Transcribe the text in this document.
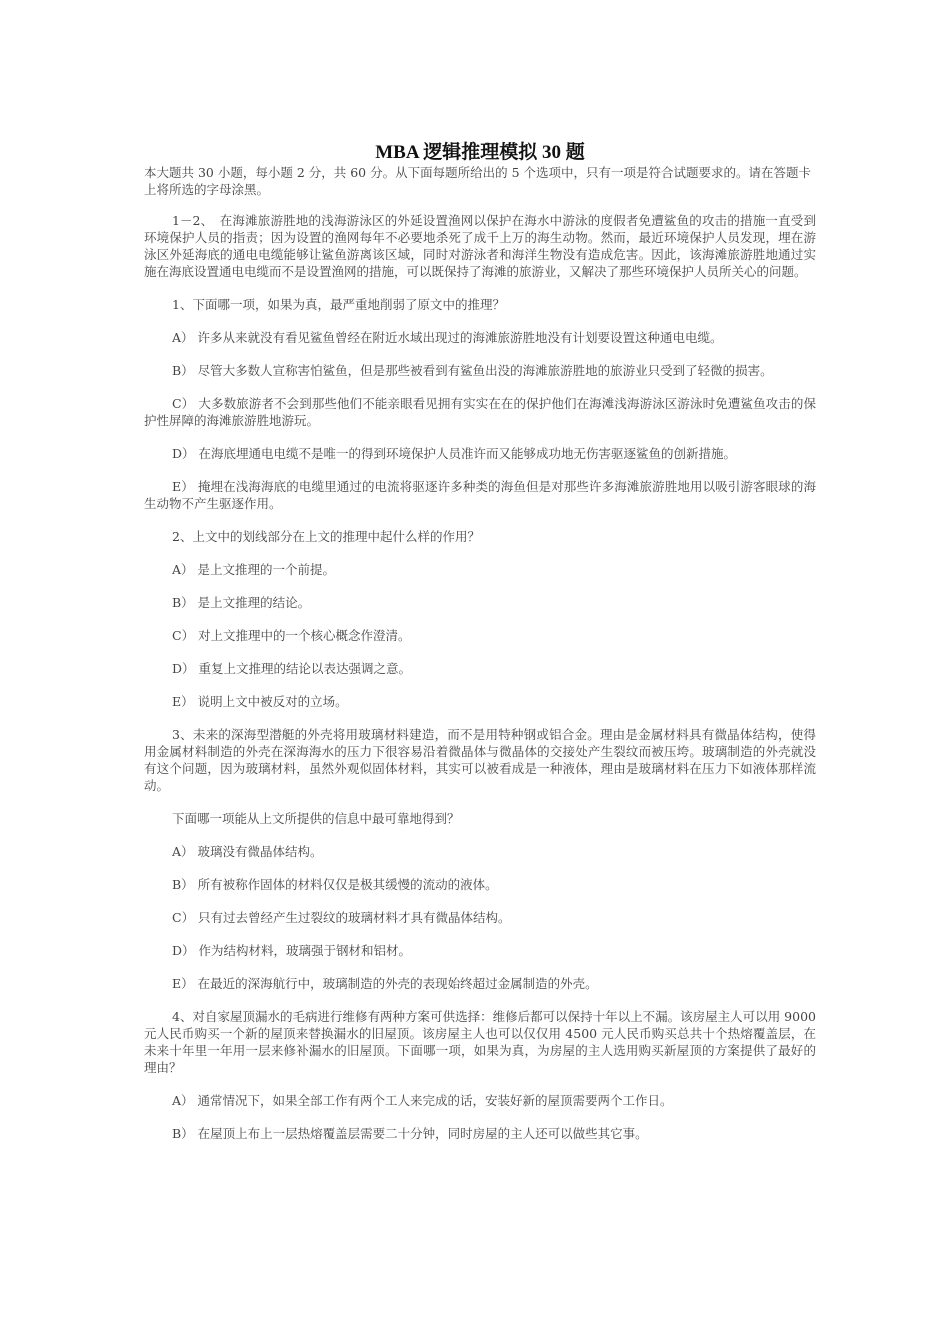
MBA 逻辑推理模拟 30 题

本大题共 30 小题，每小题 2 分，共 60 分。从下面每题所给出的 5 个选项中，只有一项是符合试题要求的。请在答题卡上将所选的字母涂黑。

1－2、　在海滩旅游胜地的浅海游泳区的外延设置渔网以保护在海水中游泳的度假者免遭鲨鱼的攻击的措施一直受到环境保护人员的指责；因为设置的渔网每年不必要地杀死了成千上万的海生动物。然而，最近环境保护人员发现，埋在游泳区外延海底的通电电缆能够让鲨鱼游离该区域，同时对游泳者和海洋生物没有造成危害。因此，该海滩旅游胜地通过实施在海底设置通电电缆而不是设置渔网的措施，可以既保持了海滩的旅游业，又解决了那些环境保护人员所关心的问题。

1、下面哪一项，如果为真，最严重地削弱了原文中的推理？

A） 许多从来就没有看见鲨鱼曾经在附近水域出现过的海滩旅游胜地没有计划要设置这种通电电缆。

B） 尽管大多数人宣称害怕鲨鱼，但是那些被看到有鲨鱼出没的海滩旅游胜地的旅游业只受到了轻微的损害。

C） 大多数旅游者不会到那些他们不能亲眼看见拥有实实在在的保护他们在海滩浅海游泳区游泳时免遭鲨鱼攻击的保护性屏障的海滩旅游胜地游玩。

D） 在海底埋通电电缆不是唯一的得到环境保护人员准许而又能够成功地无伤害驱逐鲨鱼的创新措施。

E） 掩埋在浅海海底的电缆里通过的电流将驱逐许多种类的海鱼但是对那些许多海滩旅游胜地用以吸引游客眼球的海生动物不产生驱逐作用。

2、上文中的划线部分在上文的推理中起什么样的作用？

A） 是上文推理的一个前提。

B） 是上文推理的结论。

C） 对上文推理中的一个核心概念作澄清。

D） 重复上文推理的结论以表达强调之意。

E） 说明上文中被反对的立场。

3、未来的深海型潜艇的外壳将用玻璃材料建造，而不是用特种钢或铝合金。理由是金属材料具有微晶体结构，使得用金属材料制造的外壳在深海海水的压力下很容易沿着微晶体与微晶体的交接处产生裂纹而被压垮。玻璃制造的外壳就没有这个问题，因为玻璃材料，虽然外观似固体材料，其实可以被看成是一种液体，理由是玻璃材料在压力下如液体那样流动。

下面哪一项能从上文所提供的信息中最可靠地得到？

A） 玻璃没有微晶体结构。

B） 所有被称作固体的材料仅仅是极其缓慢的流动的液体。

C） 只有过去曾经产生过裂纹的玻璃材料才具有微晶体结构。

D） 作为结构材料，玻璃强于钢材和铝材。

E） 在最近的深海航行中，玻璃制造的外壳的表现始终超过金属制造的外壳。

4、对自家屋顶漏水的毛病进行维修有两种方案可供选择：维修后都可以保持十年以上不漏。该房屋主人可以用 9000 元人民币购买一个新的屋顶来替换漏水的旧屋顶。该房屋主人也可以仅仅用 4500 元人民币购买总共十个热熔覆盖层，在未来十年里一年用一层来修补漏水的旧屋顶。下面哪一项，如果为真，为房屋的主人选用购买新屋顶的方案提供了最好的理由？

A） 通常情况下，如果全部工作有两个工人来完成的话，安装好新的屋顶需要两个工作日。

B） 在屋顶上布上一层热熔覆盖层需要二十分钟，同时房屋的主人还可以做些其它事。
